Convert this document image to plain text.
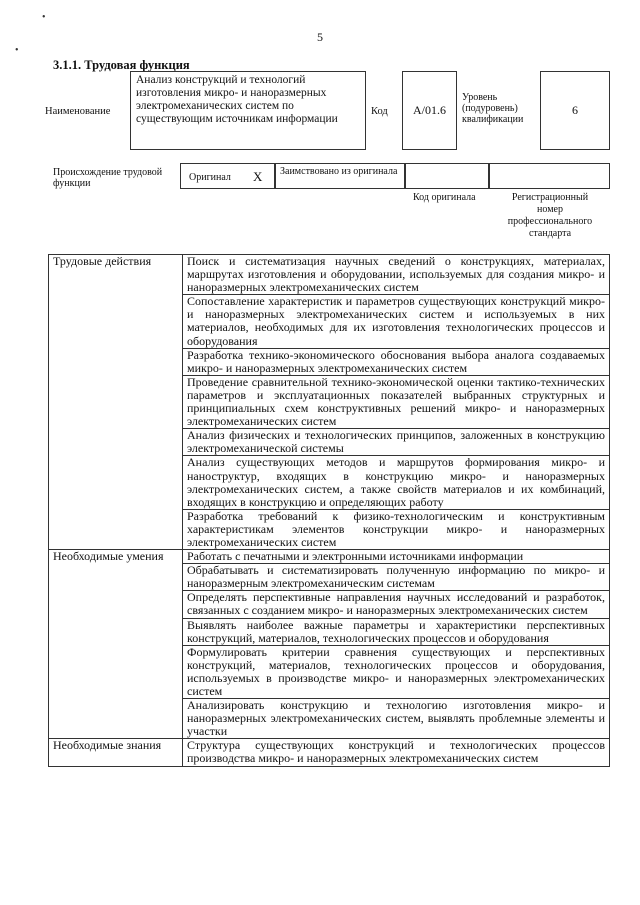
•
•
5
3.1.1. Трудовая функция
Наименование
Анализ конструкций и технологий изготовления микро- и наноразмерных электромеханических систем по существующим источникам информации
Код А/01.6
Уровень (подуровень) квалификации
6
Происхождение трудовой функции
Оригинал X Заимствовано из оригинала
Код оригинала	Регистрационный номер профессионального стандарта
Трудовые действия	Поиск и систематизация научных сведений о конструкциях, материалах, маршрутах изготовления и оборудовании, используемых для создания микро- и наноразмерных электромеханических систем
	Сопоставление характеристик и параметров существующих конструкций микро- и наноразмерных электромеханических систем и используемых в них материалов, необходимых для их изготовления технологических процессов и оборудования
	Разработка технико-экономического обоснования выбора аналога создаваемых микро- и наноразмерных электромеханических систем
	Проведение сравнительной технико-экономической оценки тактико-технических параметров и эксплуатационных показателей выбранных структурных и принципиальных схем конструктивных решений микро- и наноразмерных электромеханических систем
	Анализ физических и технологических принципов, заложенных в конструкцию электромеханической системы
	Анализ существующих методов и маршрутов формирования микро- и наноструктур, входящих в конструкцию микро- и наноразмерных электромеханических систем, а также свойств материалов и их комбинаций, входящих в конструкцию и определяющих работу
	Разработка требований к физико-технологическим и конструктивным характеристикам элементов конструкции микро- и наноразмерных электромеханических систем
Необходимые умения	Работать с печатными и электронными источниками информации
	Обрабатывать и систематизировать полученную информацию по микро- и наноразмерным электромеханическим системам
	Определять перспективные направления научных исследований и разработок, связанных с созданием микро- и наноразмерных электромеханических систем
	Выявлять наиболее важные параметры и характеристики перспективных конструкций, материалов, технологических процессов и оборудования
	Формулировать критерии сравнения существующих и перспективных конструкций, материалов, технологических процессов и оборудования, используемых в производстве микро- и наноразмерных электромеханических систем
	Анализировать конструкцию и технологию изготовления микро- и наноразмерных электромеханических систем, выявлять проблемные элементы и участки
Необходимые знания	Структура существующих конструкций и технологических процессов производства микро- и наноразмерных электромеханических систем
